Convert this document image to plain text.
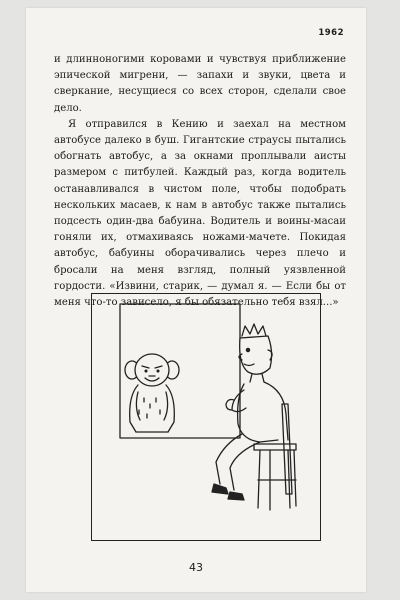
1962

и длинноногими коровами и чувствуя приближение эпической мигрени, — запахи и звуки, цвета и сверкание, несущиеся со всех сторон, сделали свое дело.

Я отправился в Кению и заехал на местном автобусе далеко в буш. Гигантские страусы пытались обогнать автобус, а за окнами проплывали аисты размером с питбулей. Каждый раз, когда водитель останавливался в чистом поле, чтобы подобрать нескольких масаев, к нам в автобус также пытались подсесть один-два бабуина. Водитель и воины-масаи гоняли их, отмахиваясь ножами-мачете. Покидая автобус, бабуины оборачивались через плечо и бросали на меня взгляд, полный уязвленной гордости. «Извини, старик, — думал я. — Если бы от меня что-то зависело, я бы обязательно тебя взял...»

43
